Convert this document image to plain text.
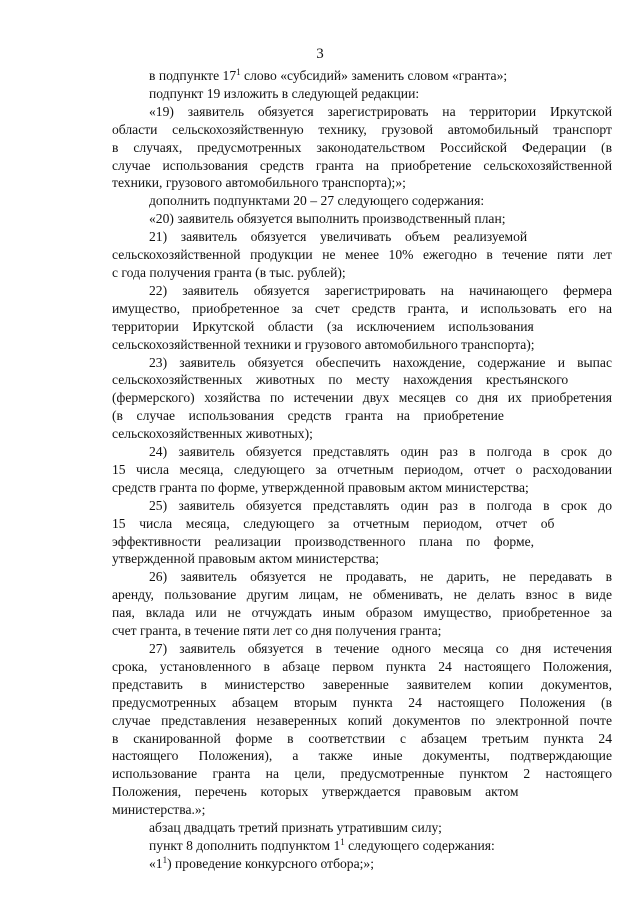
3

в подпункте $17^1$ слово «субсидий» заменить словом «гранта»;

подпункт 19 изложить в следующей редакции:

«19) заявитель обязуется зарегистрировать на территории Иркутской

области сельскохозяйственную технику, грузовой автомобильный транспорт

в случаях, предусмотренных законодательством Российской Федерации (в

случае использования средств гранта на приобретение сельскохозяйственной

техники, грузового автомобильного транспорта);»;

дополнить подпунктами 20 – 27 следующего содержания:

«20) заявитель обязуется выполнить производственный план;

21) заявитель обязуется увеличивать объем реализуемой

сельскохозяйственной продукции не менее 10% ежегодно в течение пяти лет

с года получения гранта (в тыс. рублей);

22) заявитель обязуется зарегистрировать на начинающего фермера

имущество, приобретенное за счет средств гранта, и использовать его на

территории Иркутской области (за исключением использования

сельскохозяйственной техники и грузового автомобильного транспорта);

23) заявитель обязуется обеспечить нахождение, содержание и выпас

сельскохозяйственных животных по месту нахождения крестьянского

(фермерского) хозяйства по истечении двух месяцев со дня их приобретения

(в случае использования средств гранта на приобретение

сельскохозяйственных животных);

24) заявитель обязуется представлять один раз в полгода в срок до

15 числа месяца, следующего за отчетным периодом, отчет о расходовании

средств гранта по форме, утвержденной правовым актом министерства;

25) заявитель обязуется представлять один раз в полгода в срок до

15 числа месяца, следующего за отчетным периодом, отчет об

эффективности реализации производственного плана по форме,

утвержденной правовым актом министерства;

26) заявитель обязуется не продавать, не дарить, не передавать в

аренду, пользование другим лицам, не обменивать, не делать взнос в виде

пая, вклада или не отчуждать иным образом имущество, приобретенное за

счет гранта, в течение пяти лет со дня получения гранта;

27) заявитель обязуется в течение одного месяца со дня истечения

срока, установленного в абзаце первом пункта 24 настоящего Положения,

представить в министерство заверенные заявителем копии документов,

предусмотренных абзацем вторым пункта 24 настоящего Положения (в

случае представления незаверенных копий документов по электронной почте

в сканированной форме в соответствии с абзацем третьим пункта 24

настоящего Положения), а также иные документы, подтверждающие

использование гранта на цели, предусмотренные пунктом 2 настоящего

Положения, перечень которых утверждается правовым актом

министерства.»;

абзац двадцать третий признать утратившим силу;

пункт 8 дополнить подпунктом $1^1$ следующего содержания:

«$1^1$) проведение конкурсного отбора;»;
